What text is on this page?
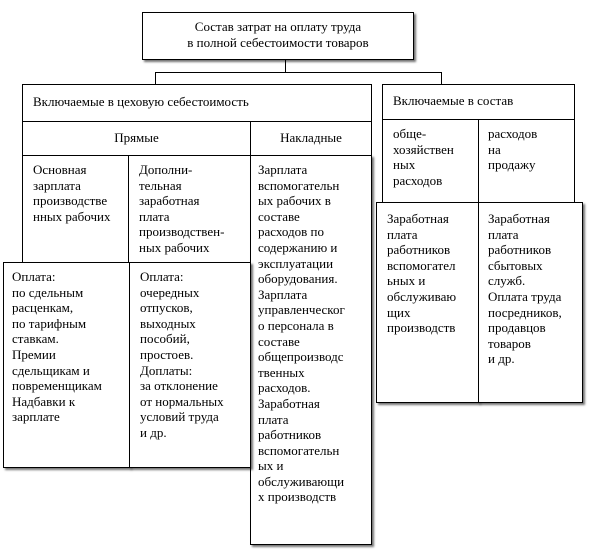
Состав затрат на оплату труда
в полной себестоимости товаров
Включаемые в цеховую себестоимость
Прямые	Накладные
Основная
зарплата
производстве
нных рабочих
Дополни-
тельная
заработная
плата
производствен-
ных рабочих
Зарплата
вспомогательн
ых рабочих в
составе
расходов по
содержанию и
эксплуатации
оборудования.
Зарплата
управленческог
о персонала в
составе
общепроизводс
твенных
расходов.
Заработная
плата
работников
вспомогательн
ых и
обслуживающи
х производств
Оплата:
по сдельным
расценкам,
по тарифным
ставкам.
Премии
сдельщикам и
повременщикам
Надбавки к
зарплате
Оплата:
очередных
отпусков,
выходных
пособий,
простоев.
Доплаты:
за отклонение
от нормальных
условий труда
и др.
Включаемые в состав
обще-
хозяйствен
ных
расходов
расходов
на
продажу
Заработная
плата
работников
вспомогател
ьных и
обслуживаю
щих
производств
Заработная
плата
работников
сбытовых
служб.
Оплата труда
посредников,
продавцов
товаров
и др.
